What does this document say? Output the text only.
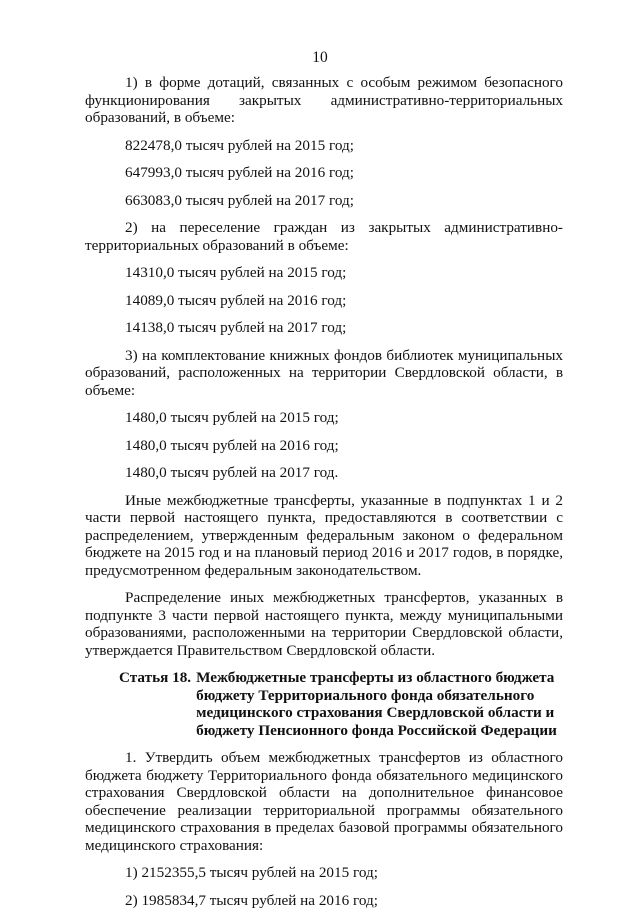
10

1) в форме дотаций, связанных с особым режимом безопасного функционирования закрытых административно-территориальных образований, в объеме:

822478,0 тысяч рублей на 2015 год;

647993,0 тысяч рублей на 2016 год;

663083,0 тысяч рублей на 2017 год;

2) на переселение граждан из закрытых административно-территориальных образований в объеме:

14310,0 тысяч рублей на 2015 год;

14089,0 тысяч рублей на 2016 год;

14138,0 тысяч рублей на 2017 год;

3) на комплектование книжных фондов библиотек муниципальных образований, расположенных на территории Свердловской области, в объеме:

1480,0 тысяч рублей на 2015 год;

1480,0 тысяч рублей на 2016 год;

1480,0 тысяч рублей на 2017 год.

Иные межбюджетные трансферты, указанные в подпунктах 1 и 2 части первой настоящего пункта, предоставляются в соответствии с распределением, утвержденным федеральным законом о федеральном бюджете на 2015 год и на плановый период 2016 и 2017 годов, в порядке, предусмотренном федеральным законодательством.

Распределение иных межбюджетных трансфертов, указанных в подпункте 3 части первой настоящего пункта, между муниципальными образованиями, расположенными на территории Свердловской области, утверждается Правительством Свердловской области.

Статья 18. Межбюджетные трансферты из областного бюджета бюджету Территориального фонда обязательного медицинского страхования Свердловской области и бюджету Пенсионного фонда Российской Федерации

1. Утвердить объем межбюджетных трансфертов из областного бюджета бюджету Территориального фонда обязательного медицинского страхования Свердловской области на дополнительное финансовое обеспечение реализации территориальной программы обязательного медицинского страхования в пределах базовой программы обязательного медицинского страхования:

1) 2152355,5 тысяч рублей на 2015 год;

2) 1985834,7 тысяч рублей на 2016 год;
